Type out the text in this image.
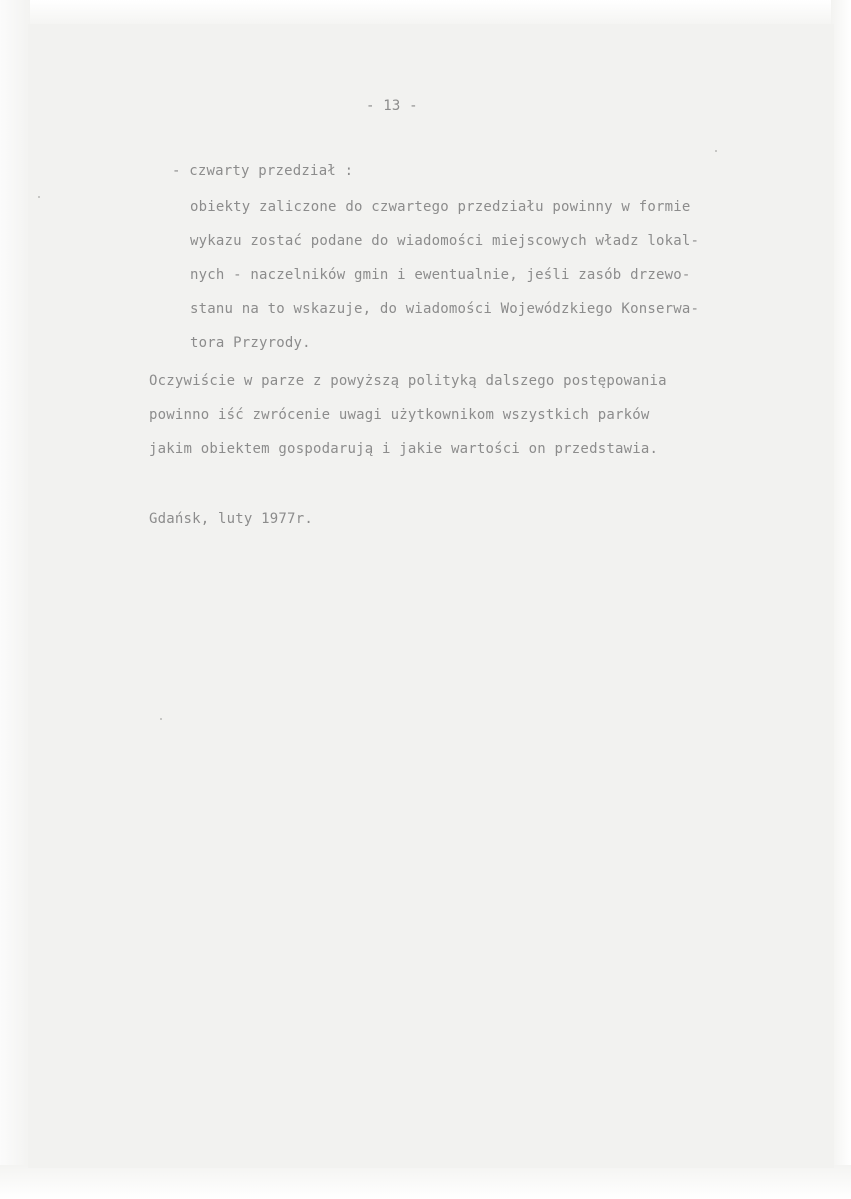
- 13 -

- czwarty przedział :

obiekty zaliczone do czwartego przedziału powinny w formie

wykazu zostać podane do wiadomości miejscowych władz lokal-

nych - naczelników gmin i ewentualnie, jeśli zasób drzewo-

stanu na to wskazuje, do wiadomości Wojewódzkiego Konserwa-

tora Przyrody.

Oczywiście w parze z powyższą polityką dalszego postępowania

powinno iść zwrócenie uwagi użytkownikom wszystkich parków

jakim obiektem gospodarują i jakie wartości on przedstawia.

Gdańsk, luty 1977r.
